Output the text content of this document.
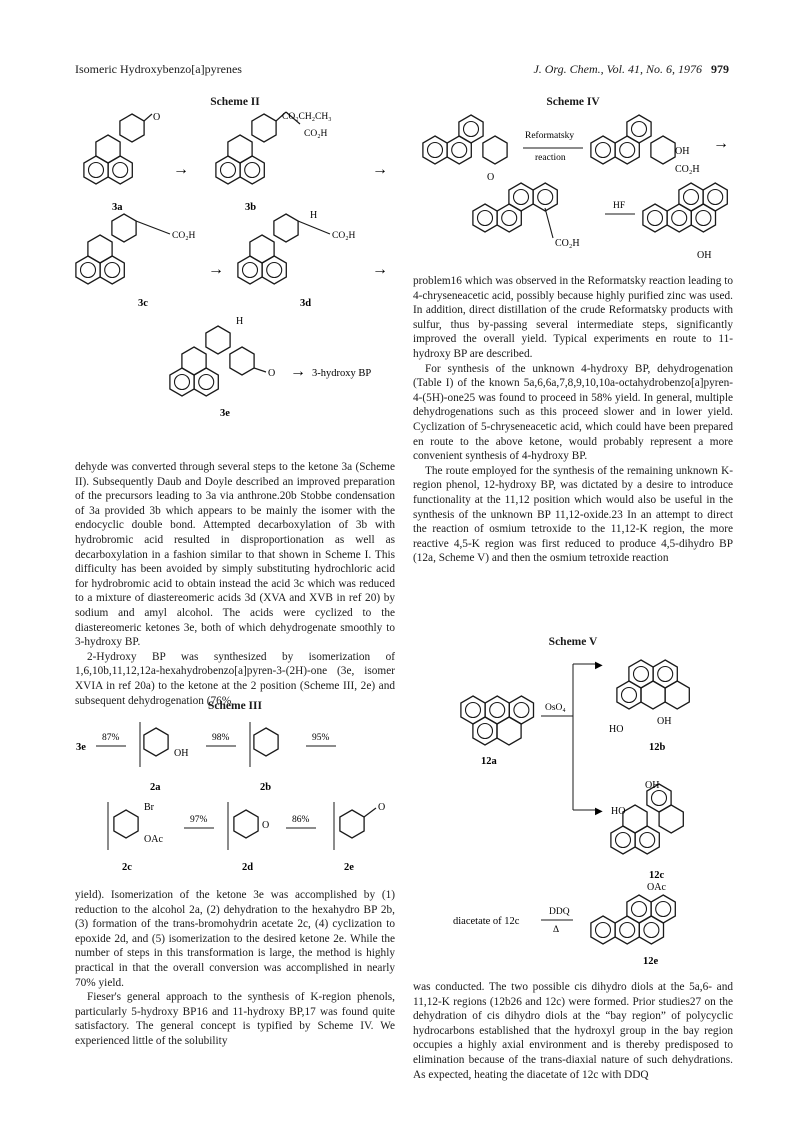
Isomeric Hydroxybenzo[a]pyrenes	J. Org. Chem., Vol. 41, No. 6, 1976 979
Scheme II
O
3a
→
CO₂CH₂CH₃
CO₂H
3b
→
CO₂H
3c
→
CO₂H
H
3d
→
O
H
3e
→ 3-hydroxy BP

dehyde was converted through several steps to the ketone 3a (Scheme II). Subsequently Daub and Doyle described an improved preparation of the precursors leading to 3a via anthrone.20b Stobbe condensation of 3a provided 3b which appears to be mainly the isomer with the endocyclic double bond. Attempted decarboxylation of 3b with hydrobromic acid resulted in disproportionation as well as decarboxylation in a fashion similar to that shown in Scheme I. This difficulty has been avoided by simply substituting hydrochloric acid for hydrobromic acid to obtain instead the acid 3c which was reduced to a mixture of diastereomeric acids 3d (XVA and XVB in ref 20) by sodium and amyl alcohol. The acids were cyclized to the diastereomeric ketones 3e, both of which dehydrogenate smoothly to 3-hydroxy BP.

2-Hydroxy BP was synthesized by isomerization of 1,6,10b,11,12,12a-hexahydrobenzo[a]pyren-3-(2H)-one (3e, isomer XVIA in ref 20a) to the ketone at the 2 position (Scheme III, 2e) and subsequent dehydrogenation (76%

Scheme III
3e
87%
OH
2a
98%
2b
95%
Br
OAc
2c
97%	O
2d
86%
O
2e

yield). Isomerization of the ketone 3e was accomplished by (1) reduction to the alcohol 2a, (2) dehydration to the hexahydro BP 2b, (3) formation of the trans-bromohydrin acetate 2c, (4) cyclization to epoxide 2d, and (5) isomerization to the desired ketone 2e. While the number of steps in this transformation is large, the method is highly practical in that the overall conversion was accomplished in nearly 70% yield.

Fieser's general approach to the synthesis of K-region phenols, particularly 5-hydroxy BP16 and 11-hydroxy BP,17 was found quite satisfactory. The general concept is typified by Scheme IV. We experienced little of the solubility

Scheme IV
O
Reformatsky
reaction
OH
CO₂H
→
CO₂H
HF
OH

problem16 which was observed in the Reformatsky reaction leading to 4-chryseneacetic acid, possibly because highly purified zinc was used. In addition, direct distillation of the crude Reformatsky products with sulfur, thus by-passing several intermediate steps, significantly improved the overall yield. Typical experiments en route to 11-hydroxy BP are described.

For synthesis of the unknown 4-hydroxy BP, dehydrogenation (Table I) of the known 5a,6,6a,7,8,9,10,10a-octahydrobenzo[a]pyren-4-(5H)-one25 was found to proceed in 58% yield. In general, multiple dehydrogenations such as this proceed slower and in lower yield. Cyclization of 5-chryseneacetic acid, which could have been prepared en route to the above ketone, would probably represent a more convenient synthesis of 4-hydroxy BP.

The route employed for the synthesis of the remaining unknown K-region phenol, 12-hydroxy BP, was dictated by a desire to introduce functionality at the 11,12 position which would also be useful in the synthesis of the unknown BP 11,12-oxide.23 In an attempt to direct the reaction of osmium tetroxide to the 11,12-K region, the more reactive 4,5-K region was first reduced to produce 4,5-dihydro BP (12a, Scheme V) and then the osmium tetroxide reaction

Scheme V
12a
▶
▶
OsO₄
HO
OH
12b
HO
OH
12c
diacetate of 12c
DDQ
Δ
OAc
12e

was conducted. The two possible cis dihydro diols at the 5a,6- and 11,12-K regions (12b26 and 12c) were formed. Prior studies27 on the dehydration of cis dihydro diols at the “bay region” of polycyclic hydrocarbons established that the hydroxyl group in the bay region occupies a highly axial environment and is thereby predisposed to elimination because of the trans-diaxial nature of such dehydrations. As expected, heating the diacetate of 12c with DDQ
